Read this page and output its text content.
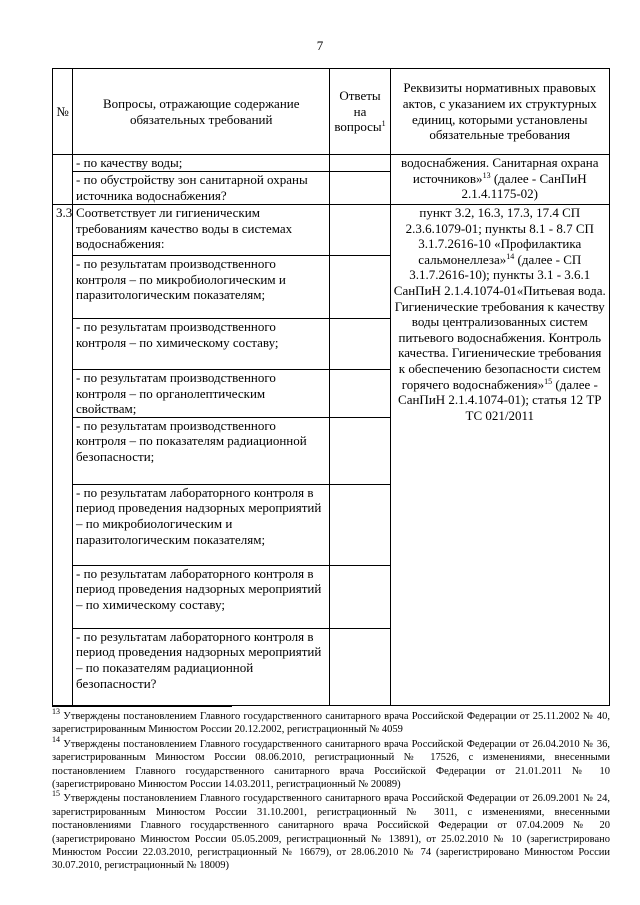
7
№	Вопросы, отражающие содержание обязательных требований	Ответы на вопросы$^1$	Реквизиты нормативных правовых актов, с указанием их структурных единиц, которыми установлены обязательные требования
	- по качеству воды;		водоснабжения. Санитарная охрана источников»$^{13}$ (далее - СанПиН 2.1.4.1175-02)
	- по обустройству зон санитарной охраны источника водоснабжения?		
3.3	Соответствует ли гигиеническим требованиям качество воды в системах водоснабжения:		пункт 3.2, 16.3, 17.3, 17.4 СП 2.3.6.1079-01; пункты 8.1 - 8.7 СП 3.1.7.2616-10 «Профилактика сальмонеллеза»$^{14}$ (далее - СП 3.1.7.2616-10); пункты 3.1 - 3.6.1 СанПиН 2.1.4.1074-01«Питьевая вода. Гигиенические требования к качеству воды централизованных систем питьевого водоснабжения. Контроль качества. Гигиенические требования к обеспечению безопасности систем горячего водоснабжения»$^{15}$ (далее - СанПиН 2.1.4.1074-01); статья 12 ТР ТС 021/2011
	- по результатам производственного контроля – по микробиологическим и паразитологическим показателям;		
	- по результатам производственного контроля – по химическому составу;		
	- по результатам производственного контроля – по органолептическим свойствам;		
	- по результатам производственного контроля – по показателям радиационной безопасности;		
	- по результатам лабораторного контроля в период проведения надзорных мероприятий – по микробиологическим и паразитологическим показателям;		
	- по результатам лабораторного контроля в период проведения надзорных мероприятий – по химическому составу;		
	- по результатам лабораторного контроля в период проведения надзорных мероприятий – по показателям радиационной безопасности?		
$^{13}$ Утверждены постановлением Главного государственного санитарного врача Российской Федерации от 25.11.2002 № 40, зарегистрированным Минюстом России 20.12.2002, регистрационный № 4059
$^{14}$ Утверждены постановлением Главного государственного санитарного врача Российской Федерации от 26.04.2010 № 36, зарегистрированным Минюстом России 08.06.2010, регистрационный № 17526, с изменениями, внесенными постановлением Главного государственного санитарного врача Российской Федерации от 21.01.2011 № 10 (зарегистрировано Минюстом России 14.03.2011, регистрационный № 20089)
$^{15}$ Утверждены постановлением Главного государственного санитарного врача Российской Федерации от 26.09.2001 № 24, зарегистрированным Минюстом России 31.10.2001, регистрационный № 3011, с изменениями, внесенными постановлениями Главного государственного санитарного врача Российской Федерации от 07.04.2009 № 20 (зарегистрировано Минюстом России 05.05.2009, регистрационный № 13891), от 25.02.2010 № 10 (зарегистрировано Минюстом России 22.03.2010, регистрационный № 16679), от 28.06.2010 № 74 (зарегистрировано Минюстом России 30.07.2010, регистрационный № 18009)
